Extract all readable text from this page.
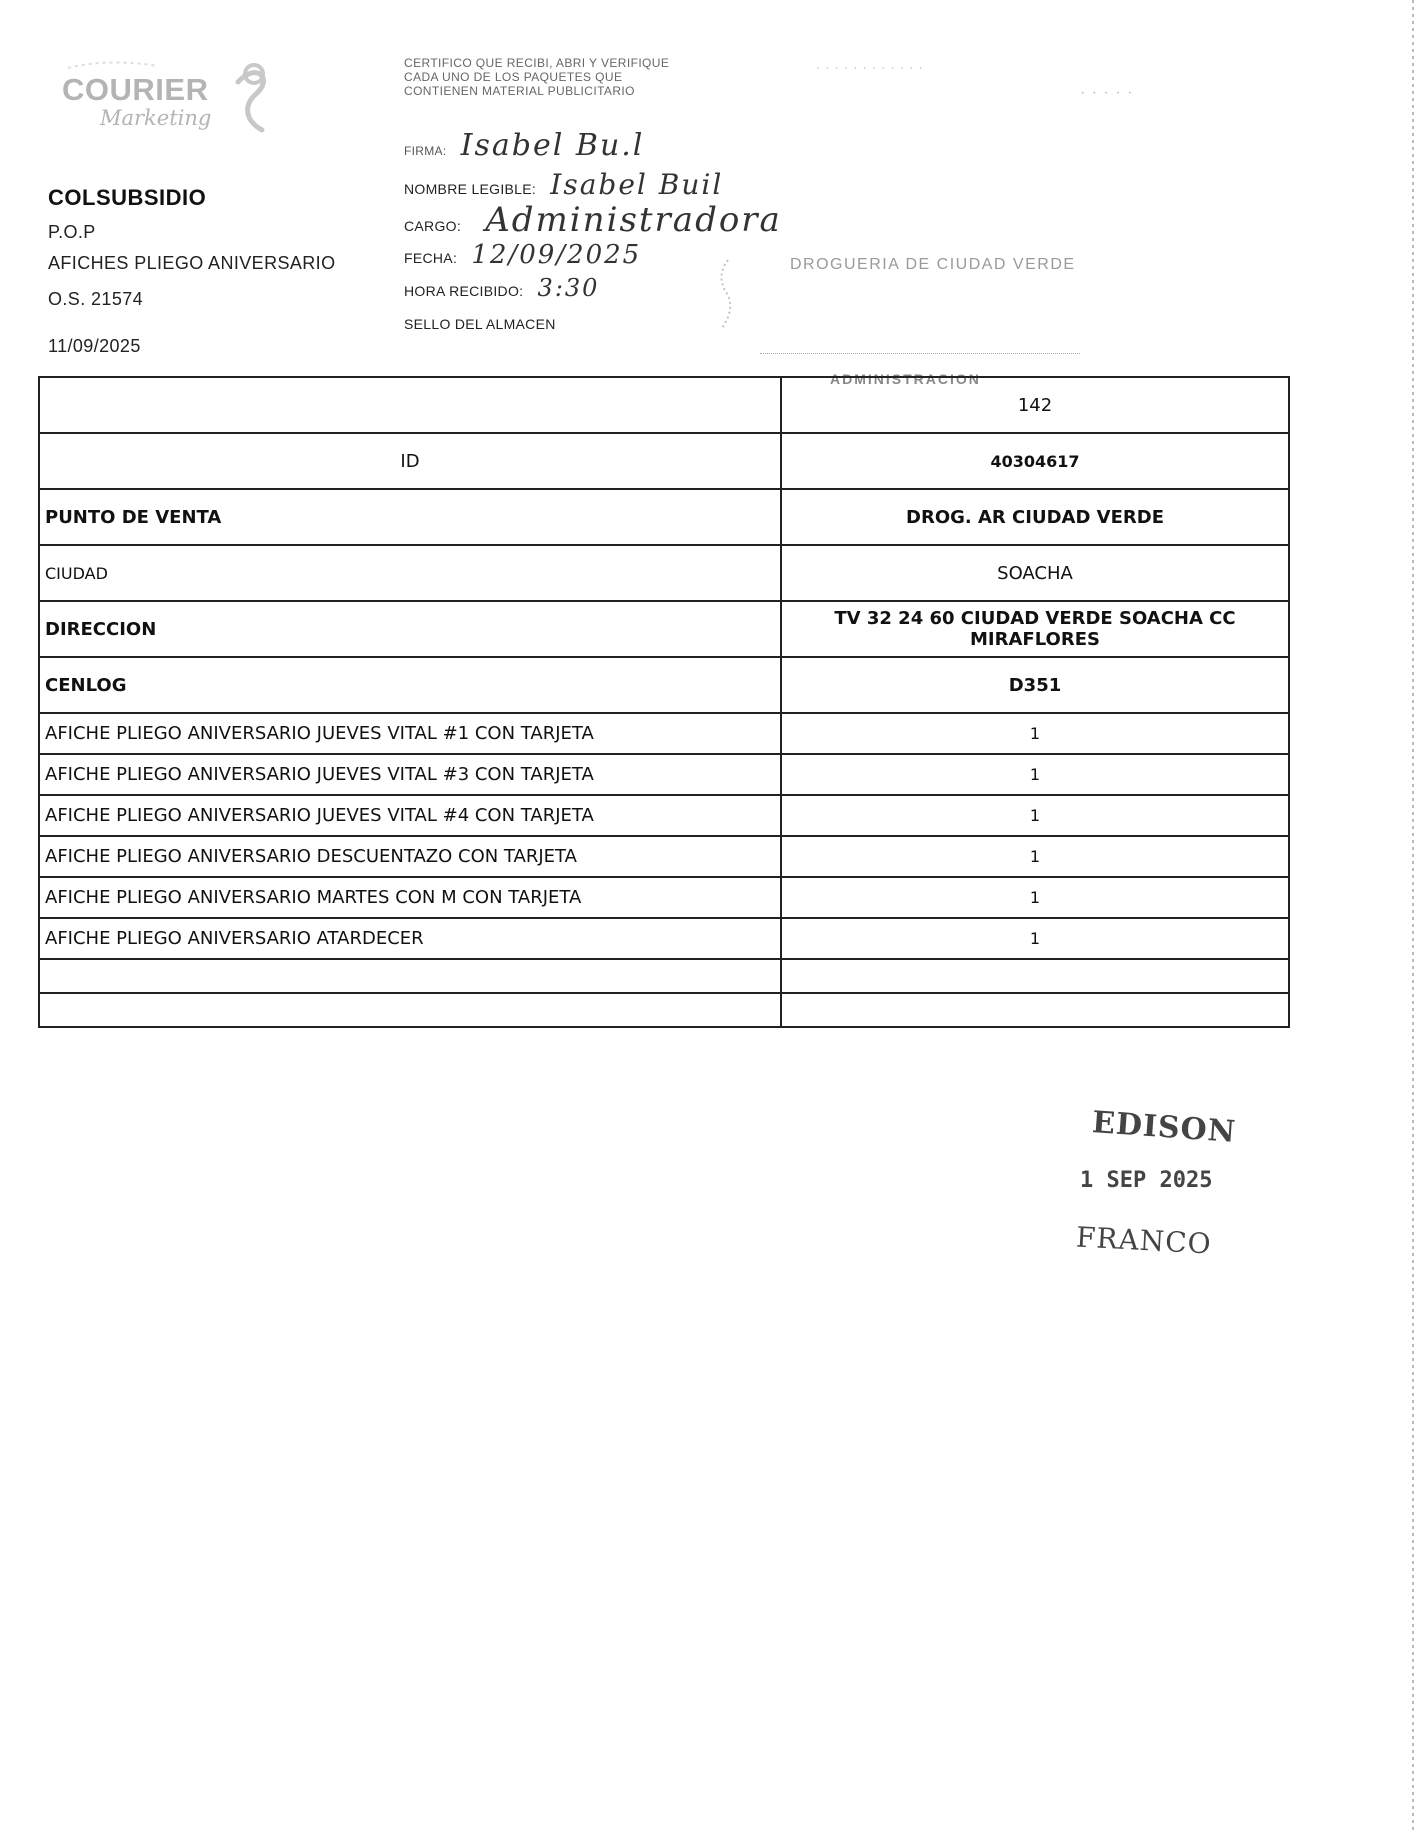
COURIER
Marketing
COLSUBSIDIO
P.O.P
AFICHES PLIEGO ANIVERSARIO
O.S. 21574
11/09/2025
CERTIFICO QUE RECIBI, ABRI Y VERIFIQUE
CADA UNO DE LOS PAQUETES QUE
CONTIENEN MATERIAL PUBLICITARIO
FIRMA: Isabel Bu.l
NOMBRE LEGIBLE: Isabel Buil
CARGO: Administradora
FECHA: 12/09/2025
HORA RECIBIDO: 3:30
SELLO DEL ALMACEN
· · · · · · · · · · · ·
· · · · ·
DROGUERIA DE CIUDAD VERDE
ADMINISTRACION
	142
ID	40304617
PUNTO DE VENTA	DROG. AR CIUDAD VERDE
CIUDAD	SOACHA
DIRECCION	TV 32 24 60 CIUDAD VERDE SOACHA CC MIRAFLORES
CENLOG	D351
AFICHE PLIEGO ANIVERSARIO JUEVES VITAL #1 CON TARJETA	1
AFICHE PLIEGO ANIVERSARIO JUEVES VITAL #3 CON TARJETA	1
AFICHE PLIEGO ANIVERSARIO JUEVES VITAL #4 CON TARJETA	1
AFICHE PLIEGO ANIVERSARIO DESCUENTAZO CON TARJETA	1
AFICHE PLIEGO ANIVERSARIO MARTES CON M CON TARJETA	1
AFICHE PLIEGO ANIVERSARIO ATARDECER	1

EDISON
1 SEP 2025
FRANCO
